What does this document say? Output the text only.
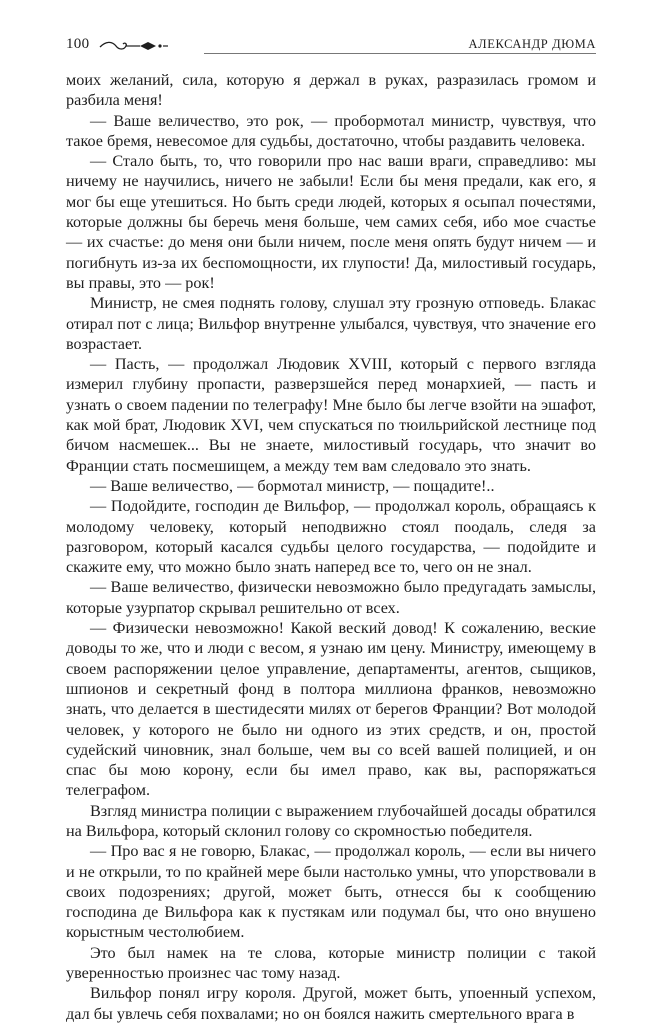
100	АЛЕКСАНДР ДЮМА

моих желаний, сила, которую я держал в руках, разразилась громом и разбила меня!

— Ваше величество, это рок, — пробормотал министр, чувствуя, что такое бремя, невесомое для судьбы, достаточно, чтобы раздавить человека.

— Стало быть, то, что говорили про нас ваши враги, справедливо: мы ничему не научились, ничего не забыли! Если бы меня предали, как его, я мог бы еще утешиться. Но быть среди людей, которых я осыпал почестями, которые должны бы беречь меня больше, чем самих себя, ибо мое счастье — их счастье: до меня они были ничем, после меня опять будут ничем — и погибнуть из-за их беспомощности, их глупости! Да, милостивый государь, вы правы, это — рок!

Министр, не смея поднять голову, слушал эту грозную отповедь. Блакас отирал пот с лица; Вильфор внутренне улыбался, чувствуя, что значение его возрастает.

— Пасть, — продолжал Людовик XVIII, который с первого взгляда измерил глубину пропасти, разверзшейся перед монархией, — пасть и узнать о своем падении по телеграфу! Мне было бы легче взойти на эшафот, как мой брат, Людовик XVI, чем спускаться по тюильрийской лестнице под бичом насмешек... Вы не знаете, милостивый государь, что значит во Франции стать посмешищем, а между тем вам следовало это знать.

— Ваше величество, — бормотал министр, — пощадите!..

— Подойдите, господин де Вильфор, — продолжал король, обращаясь к молодому человеку, который неподвижно стоял поодаль, следя за разговором, который касался судьбы целого государства, — подойдите и скажите ему, что можно было знать наперед все то, чего он не знал.

— Ваше величество, физически невозможно было предугадать замыслы, которые узурпатор скрывал решительно от всех.

— Физически невозможно! Какой веский довод! К сожалению, веские доводы то же, что и люди с весом, я узнаю им цену. Министру, имеющему в своем распоряжении целое управление, департаменты, агентов, сыщиков, шпионов и секретный фонд в полтора миллиона франков, невозможно знать, что делается в шестидесяти милях от берегов Франции? Вот молодой человек, у которого не было ни одного из этих средств, и он, простой судейский чиновник, знал больше, чем вы со всей вашей полицией, и он спас бы мою корону, если бы имел право, как вы, распоряжаться телеграфом.

Взгляд министра полиции с выражением глубочайшей досады обратился на Вильфора, который склонил голову со скромностью победителя.

— Про вас я не говорю, Блакас, — продолжал король, — если вы ничего и не открыли, то по крайней мере были настолько умны, что упорствовали в своих подозрениях; другой, может быть, отнесся бы к сообщению господина де Вильфора как к пустякам или подумал бы, что оно внушено корыстным честолюбием.

Это был намек на те слова, которые министр полиции с такой уверенностью произнес час тому назад.

Вильфор понял игру короля. Другой, может быть, упоенный успехом, дал бы увлечь себя похвалами; но он боялся нажить смертельного врага в
